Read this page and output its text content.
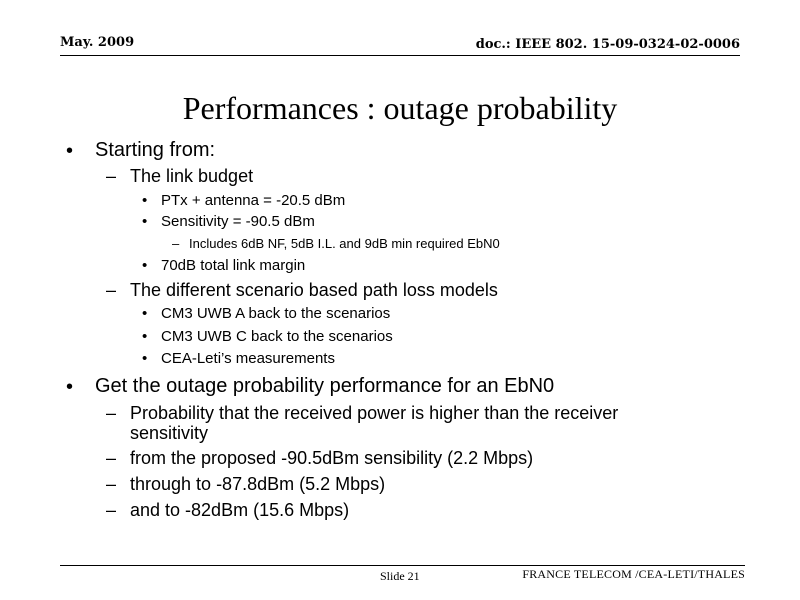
May. 2009	doc.: IEEE 802. 15-09-0324-02-0006
Performances : outage probability
• Starting from:
– The link budget
• PTx + antenna = -20.5 dBm
• Sensitivity = -90.5 dBm
– Includes 6dB NF, 5dB I.L. and 9dB min required EbN0
• 70dB total link margin
– The different scenario based path loss models
• CM3 UWB A back to the scenarios
• CM3 UWB C back to the scenarios
• CEA-Leti’s measurements
• Get the outage probability performance for an EbN0
– Probability that the received power is higher than the receiver sensitivity
– from the proposed -90.5dBm sensibility (2.2 Mbps)
– through to -87.8dBm (5.2 Mbps)
– and to -82dBm (15.6 Mbps)
Slide 21	FRANCE TELECOM /CEA-LETI/THALES
